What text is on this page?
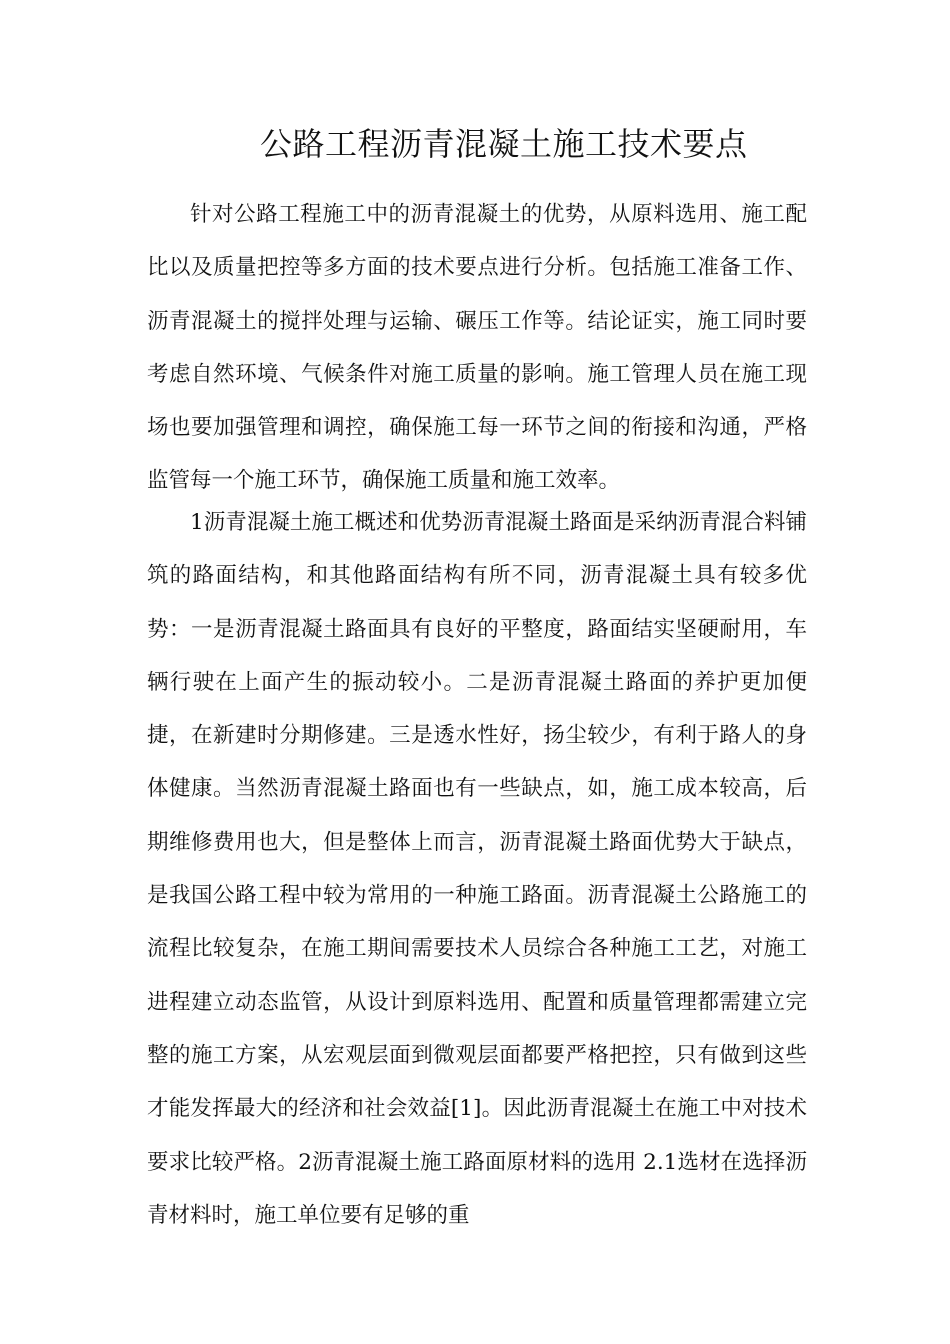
公路工程沥青混凝土施工技术要点

针对公路工程施工中的沥青混凝土的优势，从原料选用、施工配比以及质量把控等多方面的技术要点进行分析。包括施工准备工作、沥青混凝土的搅拌处理与运输、碾压工作等。结论证实，施工同时要考虑自然环境、气候条件对施工质量的影响。施工管理人员在施工现场也要加强管理和调控，确保施工每一环节之间的衔接和沟通，严格监管每一个施工环节，确保施工质量和施工效率。

1沥青混凝土施工概述和优势沥青混凝土路面是采纳沥青混合料铺筑的路面结构，和其他路面结构有所不同，沥青混凝土具有较多优势：一是沥青混凝土路面具有良好的平整度，路面结实坚硬耐用，车辆行驶在上面产生的振动较小。二是沥青混凝土路面的养护更加便捷，在新建时分期修建。三是透水性好，扬尘较少，有利于路人的身体健康。当然沥青混凝土路面也有一些缺点，如，施工成本较高，后期维修费用也大，但是整体上而言，沥青混凝土路面优势大于缺点，是我国公路工程中较为常用的一种施工路面。沥青混凝土公路施工的流程比较复杂，在施工期间需要技术人员综合各种施工工艺，对施工进程建立动态监管，从设计到原料选用、配置和质量管理都需建立完整的施工方案，从宏观层面到微观层面都要严格把控，只有做到这些才能发挥最大的经济和社会效益[1]。因此沥青混凝土在施工中对技术要求比较严格。2沥青混凝土施工路面原材料的选用 2.1选材在选择沥青材料时，施工单位要有足够的重
